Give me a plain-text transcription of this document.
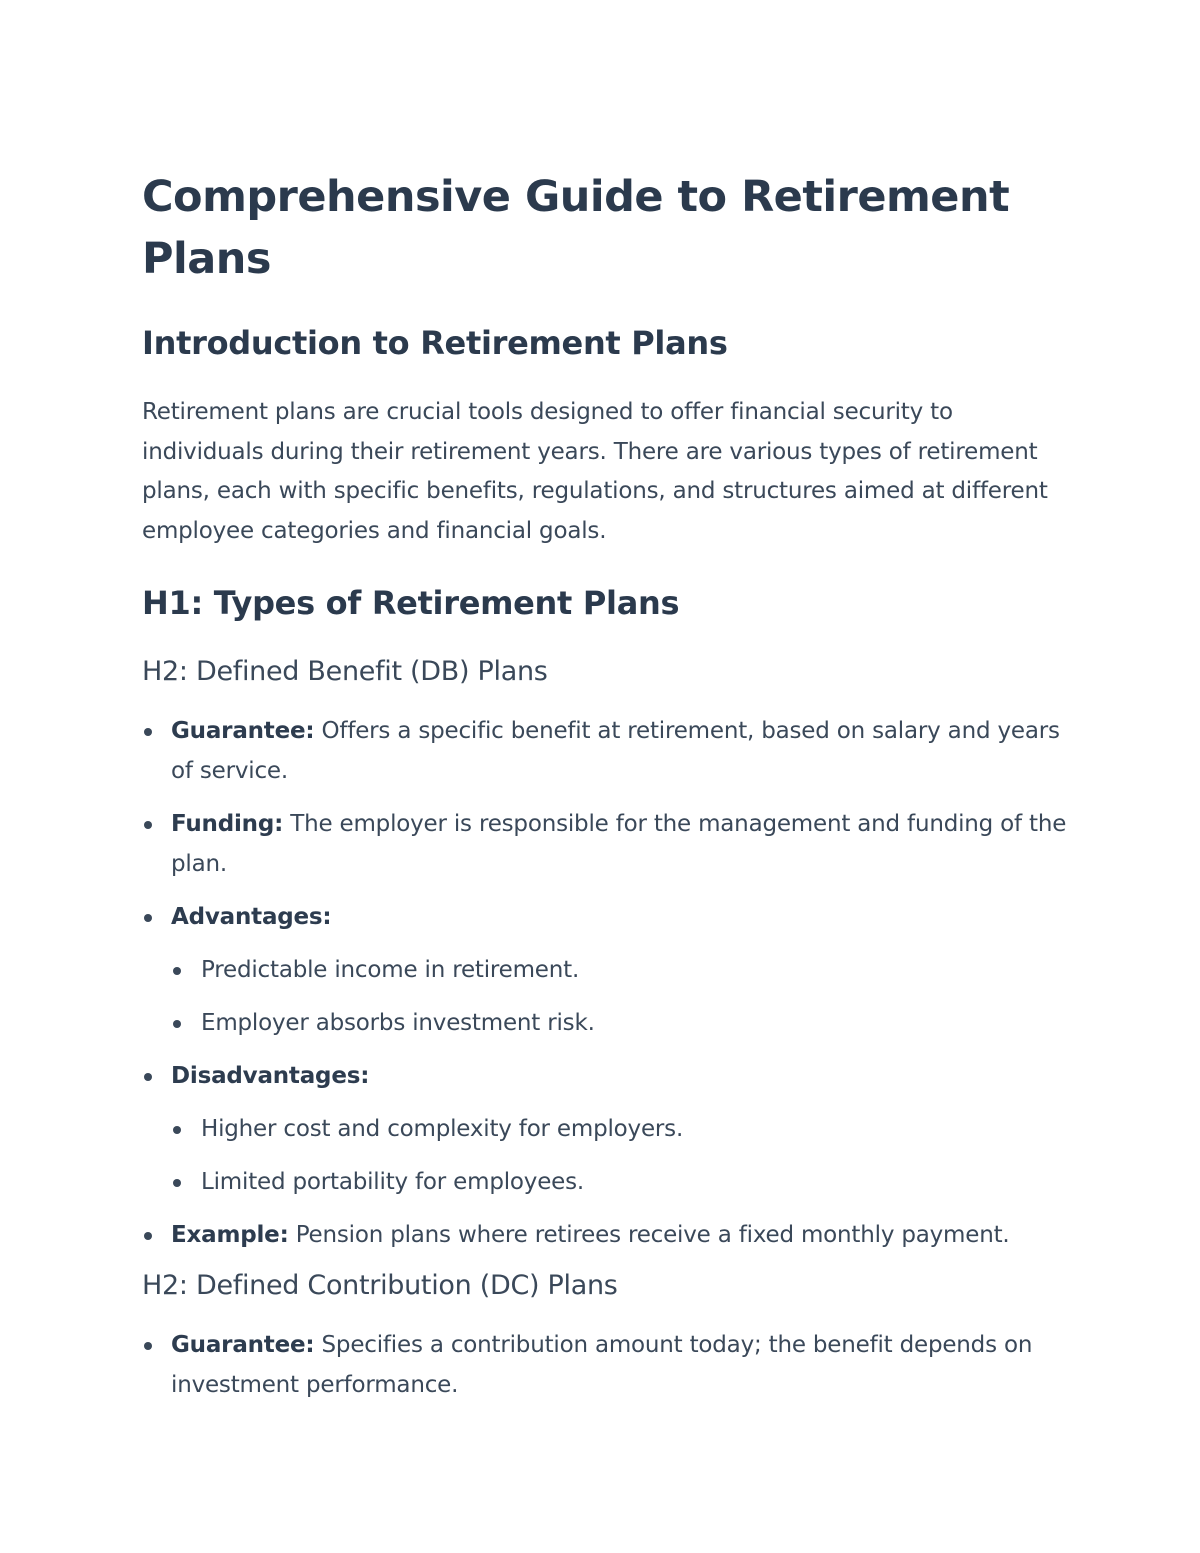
Comprehensive Guide to Retirement Plans
Introduction to Retirement Plans

Retirement plans are crucial tools designed to offer financial security to individuals during their retirement years. There are various types of retirement plans, each with specific benefits, regulations, and structures aimed at different employee categories and financial goals.

H1: Types of Retirement Plans
H2: Defined Benefit (DB) Plans
Guarantee: Offers a specific benefit at retirement, based on salary and years of service.
Funding: The employer is responsible for the management and funding of the plan.
Advantages:
Predictable income in retirement.
Employer absorbs investment risk.
Disadvantages:
Higher cost and complexity for employers.
Limited portability for employees.
Example: Pension plans where retirees receive a fixed monthly payment.
H2: Defined Contribution (DC) Plans
Guarantee: Specifies a contribution amount today; the benefit depends on investment performance.
